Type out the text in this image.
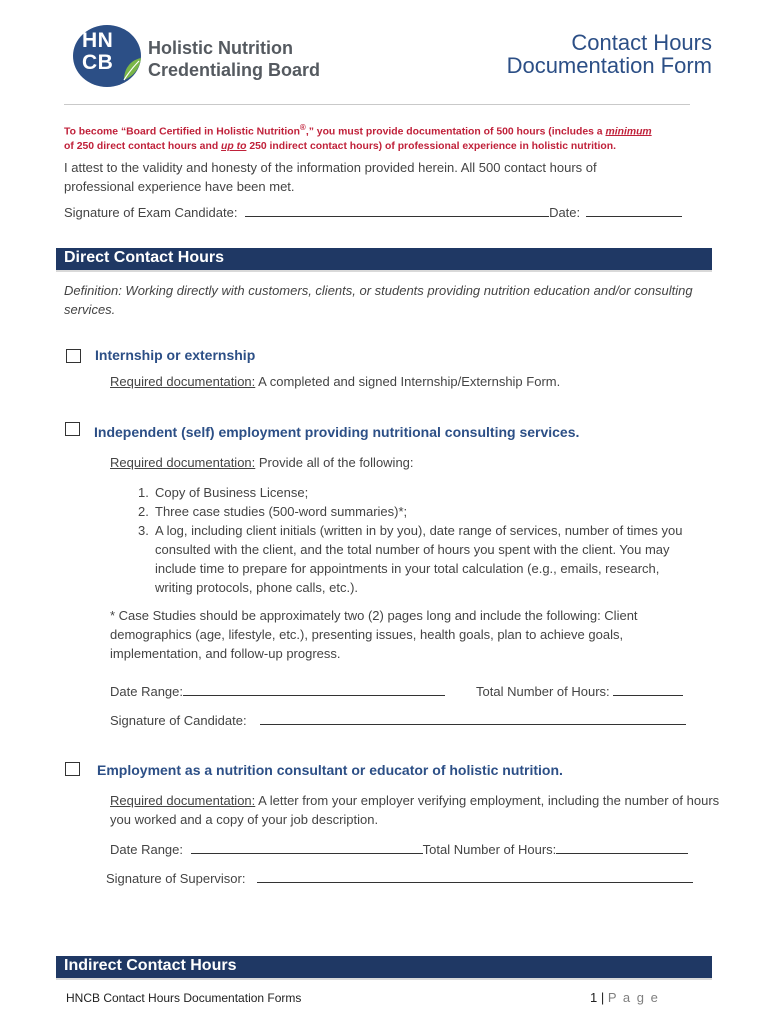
HN
CB
Holistic Nutrition
Credentialing Board
Contact Hours
Documentation Form
To become “Board Certified in Holistic Nutrition®,” you must provide documentation of 500 hours (includes a minimum
of 250 direct contact hours and up to 250 indirect contact hours) of professional experience in holistic nutrition.
I attest to the validity and honesty of the information provided herein. All 500 contact hours of professional experience have been met.
Signature of Exam Candidate:	Date:
Direct Contact Hours
Definition: Working directly with customers, clients, or students providing nutrition education and/or consulting services.
Internship or externship
Required documentation: A completed and signed Internship/Externship Form.
Independent (self) employment providing nutritional consulting services.
Required documentation: Provide all of the following:
1. Copy of Business License;
2. Three case studies (500-word summaries)*;
3. A log, including client initials (written in by you), date range of services, number of times you consulted with the client, and the total number of hours you spent with the client. You may include time to prepare for appointments in your total calculation (e.g., emails, research, writing protocols, phone calls, etc.).
* Case Studies should be approximately two (2) pages long and include the following: Client demographics (age, lifestyle, etc.), presenting issues, health goals, plan to achieve goals, implementation, and follow-up progress.
Date Range:	Total Number of Hours:
Signature of Candidate:
Employment as a nutrition consultant or educator of holistic nutrition.
Required documentation: A letter from your employer verifying employment, including the number of hours you worked and a copy of your job description.
Date Range:	Total Number of Hours:
Signature of Supervisor:
Indirect Contact Hours
HNCB Contact Hours Documentation Forms	1 | P a g e
